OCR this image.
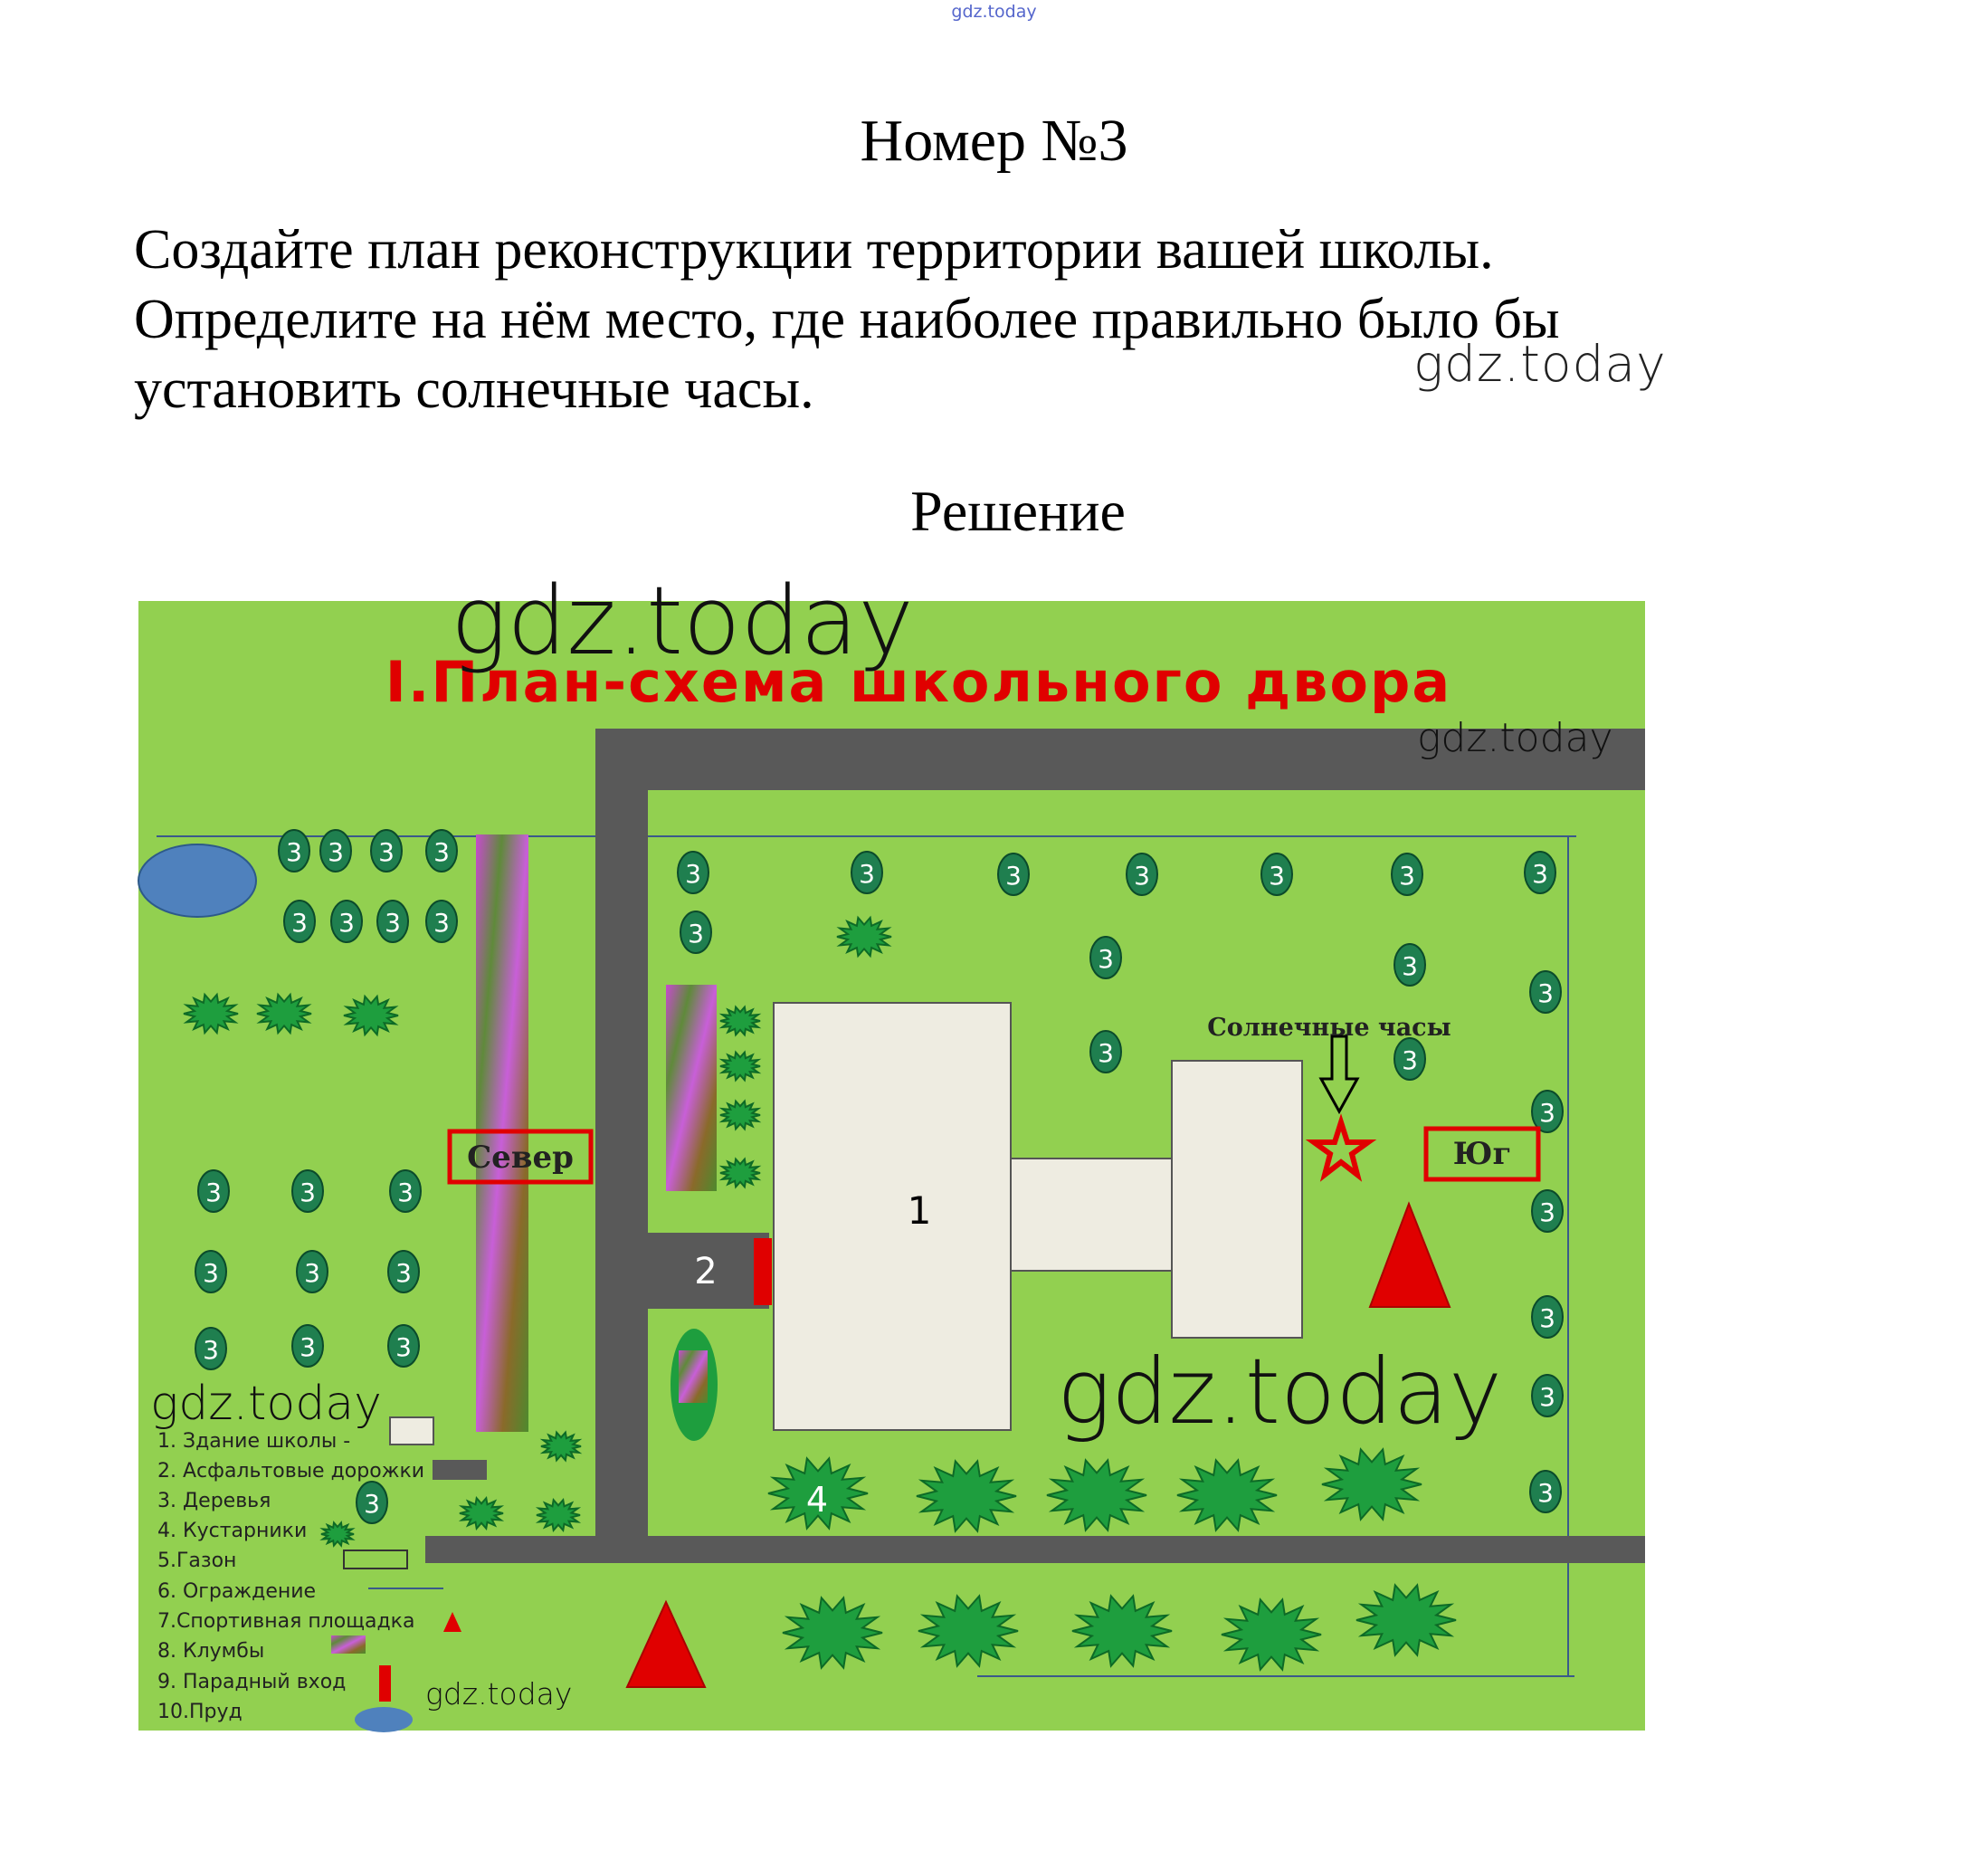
gdz.today
Номер №3
Создайте план реконструкции территории вашей школы.
Определите на нём место, где наиболее правильно было бы
установить солнечные часы.	gdz.today
Решение
2
1
3 3 3 3
3 3 3 3
3	3	3	3	3	3	3
3
3	3
3
3	3
3
3	3	3
3	3	3
3	3	3
3
3
3
3
3	4
Солнечные часы
Север	Юг
I.План-схема школьного двора
1. Здание школы -
2. Асфальтовые дорожки
3. Деревья
4. Кустарники
5.Газон
6. Ограждение
7.Спортивная площадка
8. Клумбы
9. Парадный вход
10.Пруд
gdz.today
gdz.today
gdz.today
gdz.today
gdz.today
